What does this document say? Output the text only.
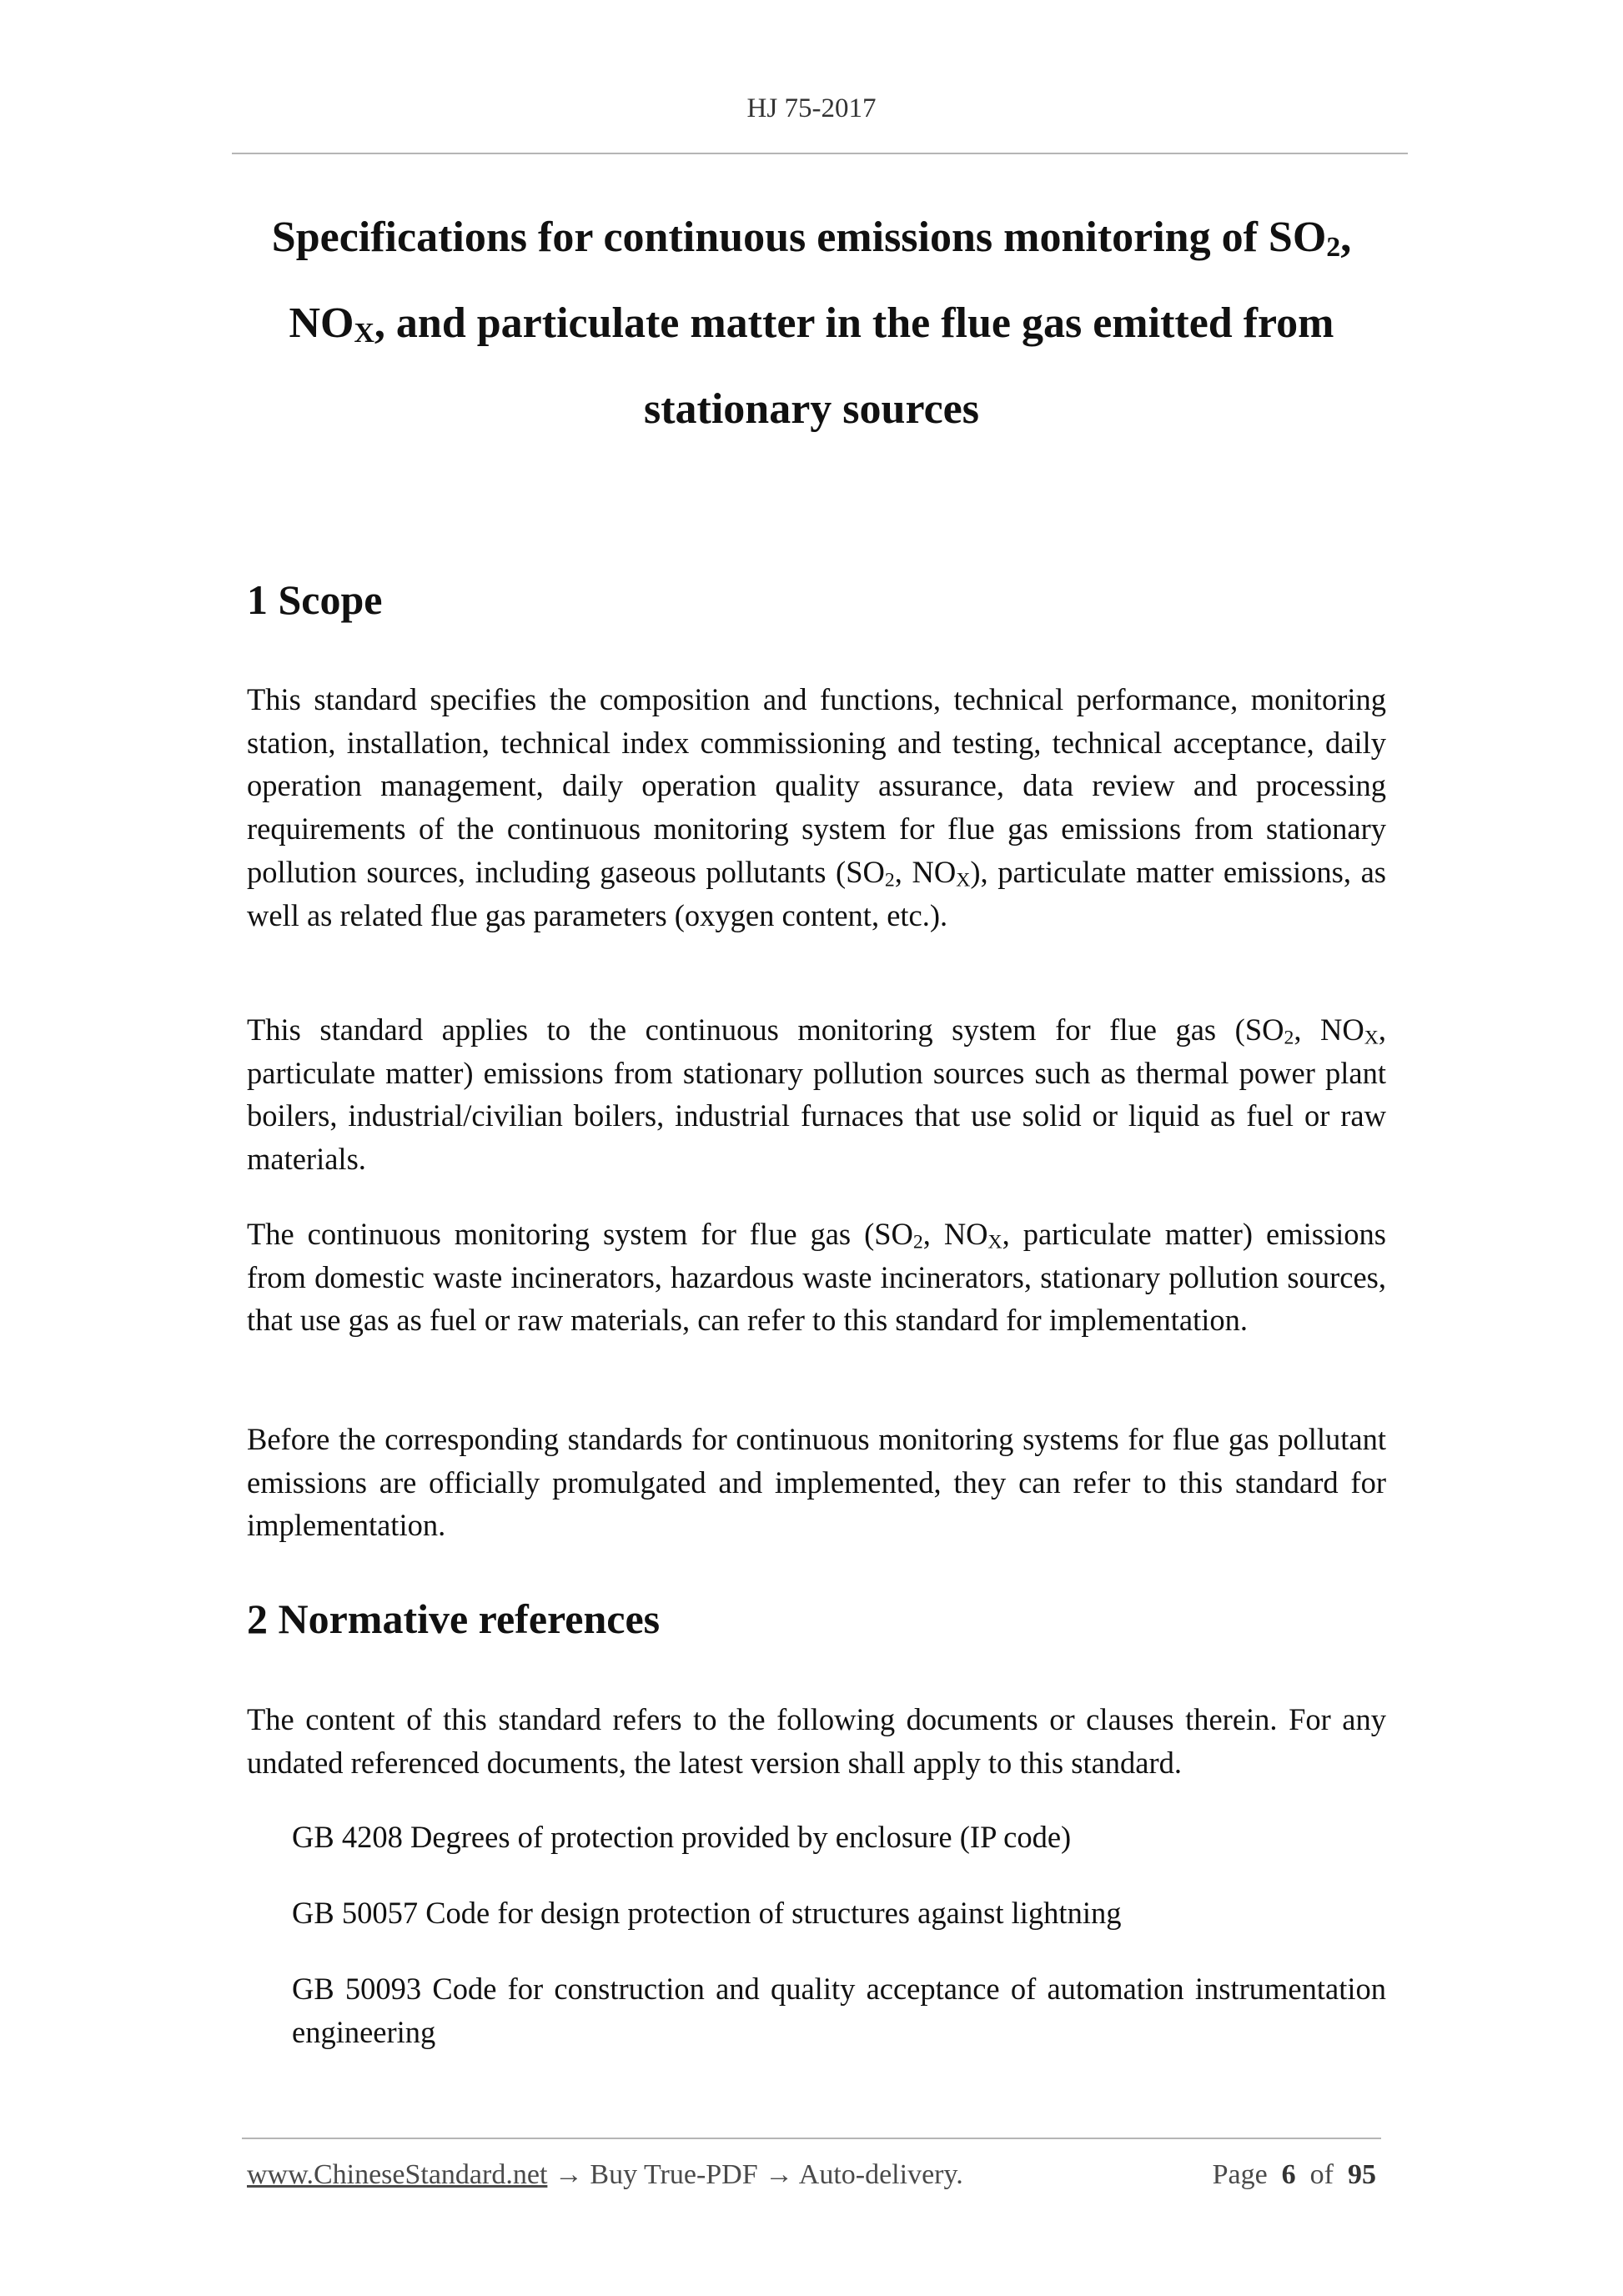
HJ 75-2017
Specifications for continuous emissions monitoring of $SO_2$,
$NO_X$, and particulate matter in the flue gas emitted from
stationary sources
1 Scope
This standard specifies the composition and functions, technical performance, monitoring station, installation, technical index commissioning and testing, technical acceptance, daily operation management, daily operation quality assurance, data review and processing requirements of the continuous monitoring system for flue gas emissions from stationary pollution sources, including gaseous pollutants ($SO_2$, $NO_X$), particulate matter emissions, as well as related flue gas parameters (oxygen content, etc.).
This standard applies to the continuous monitoring system for flue gas ($SO_2$, $NO_X$, particulate matter) emissions from stationary pollution sources such as thermal power plant boilers, industrial/civilian boilers, industrial furnaces that use solid or liquid as fuel or raw materials.
The continuous monitoring system for flue gas ($SO_2$, $NO_X$, particulate matter) emissions from domestic waste incinerators, hazardous waste incinerators, stationary pollution sources, that use gas as fuel or raw materials, can refer to this standard for implementation.
Before the corresponding standards for continuous monitoring systems for flue gas pollutant emissions are officially promulgated and implemented, they can refer to this standard for implementation.
2 Normative references
The content of this standard refers to the following documents or clauses therein. For any undated referenced documents, the latest version shall apply to this standard.
GB 4208 Degrees of protection provided by enclosure (IP code)
GB 50057 Code for design protection of structures against lightning
GB 50093 Code for construction and quality acceptance of automation instrumentation engineering
www.ChineseStandard.net → Buy True-PDF → Auto-delivery.	Page 6 of 95
